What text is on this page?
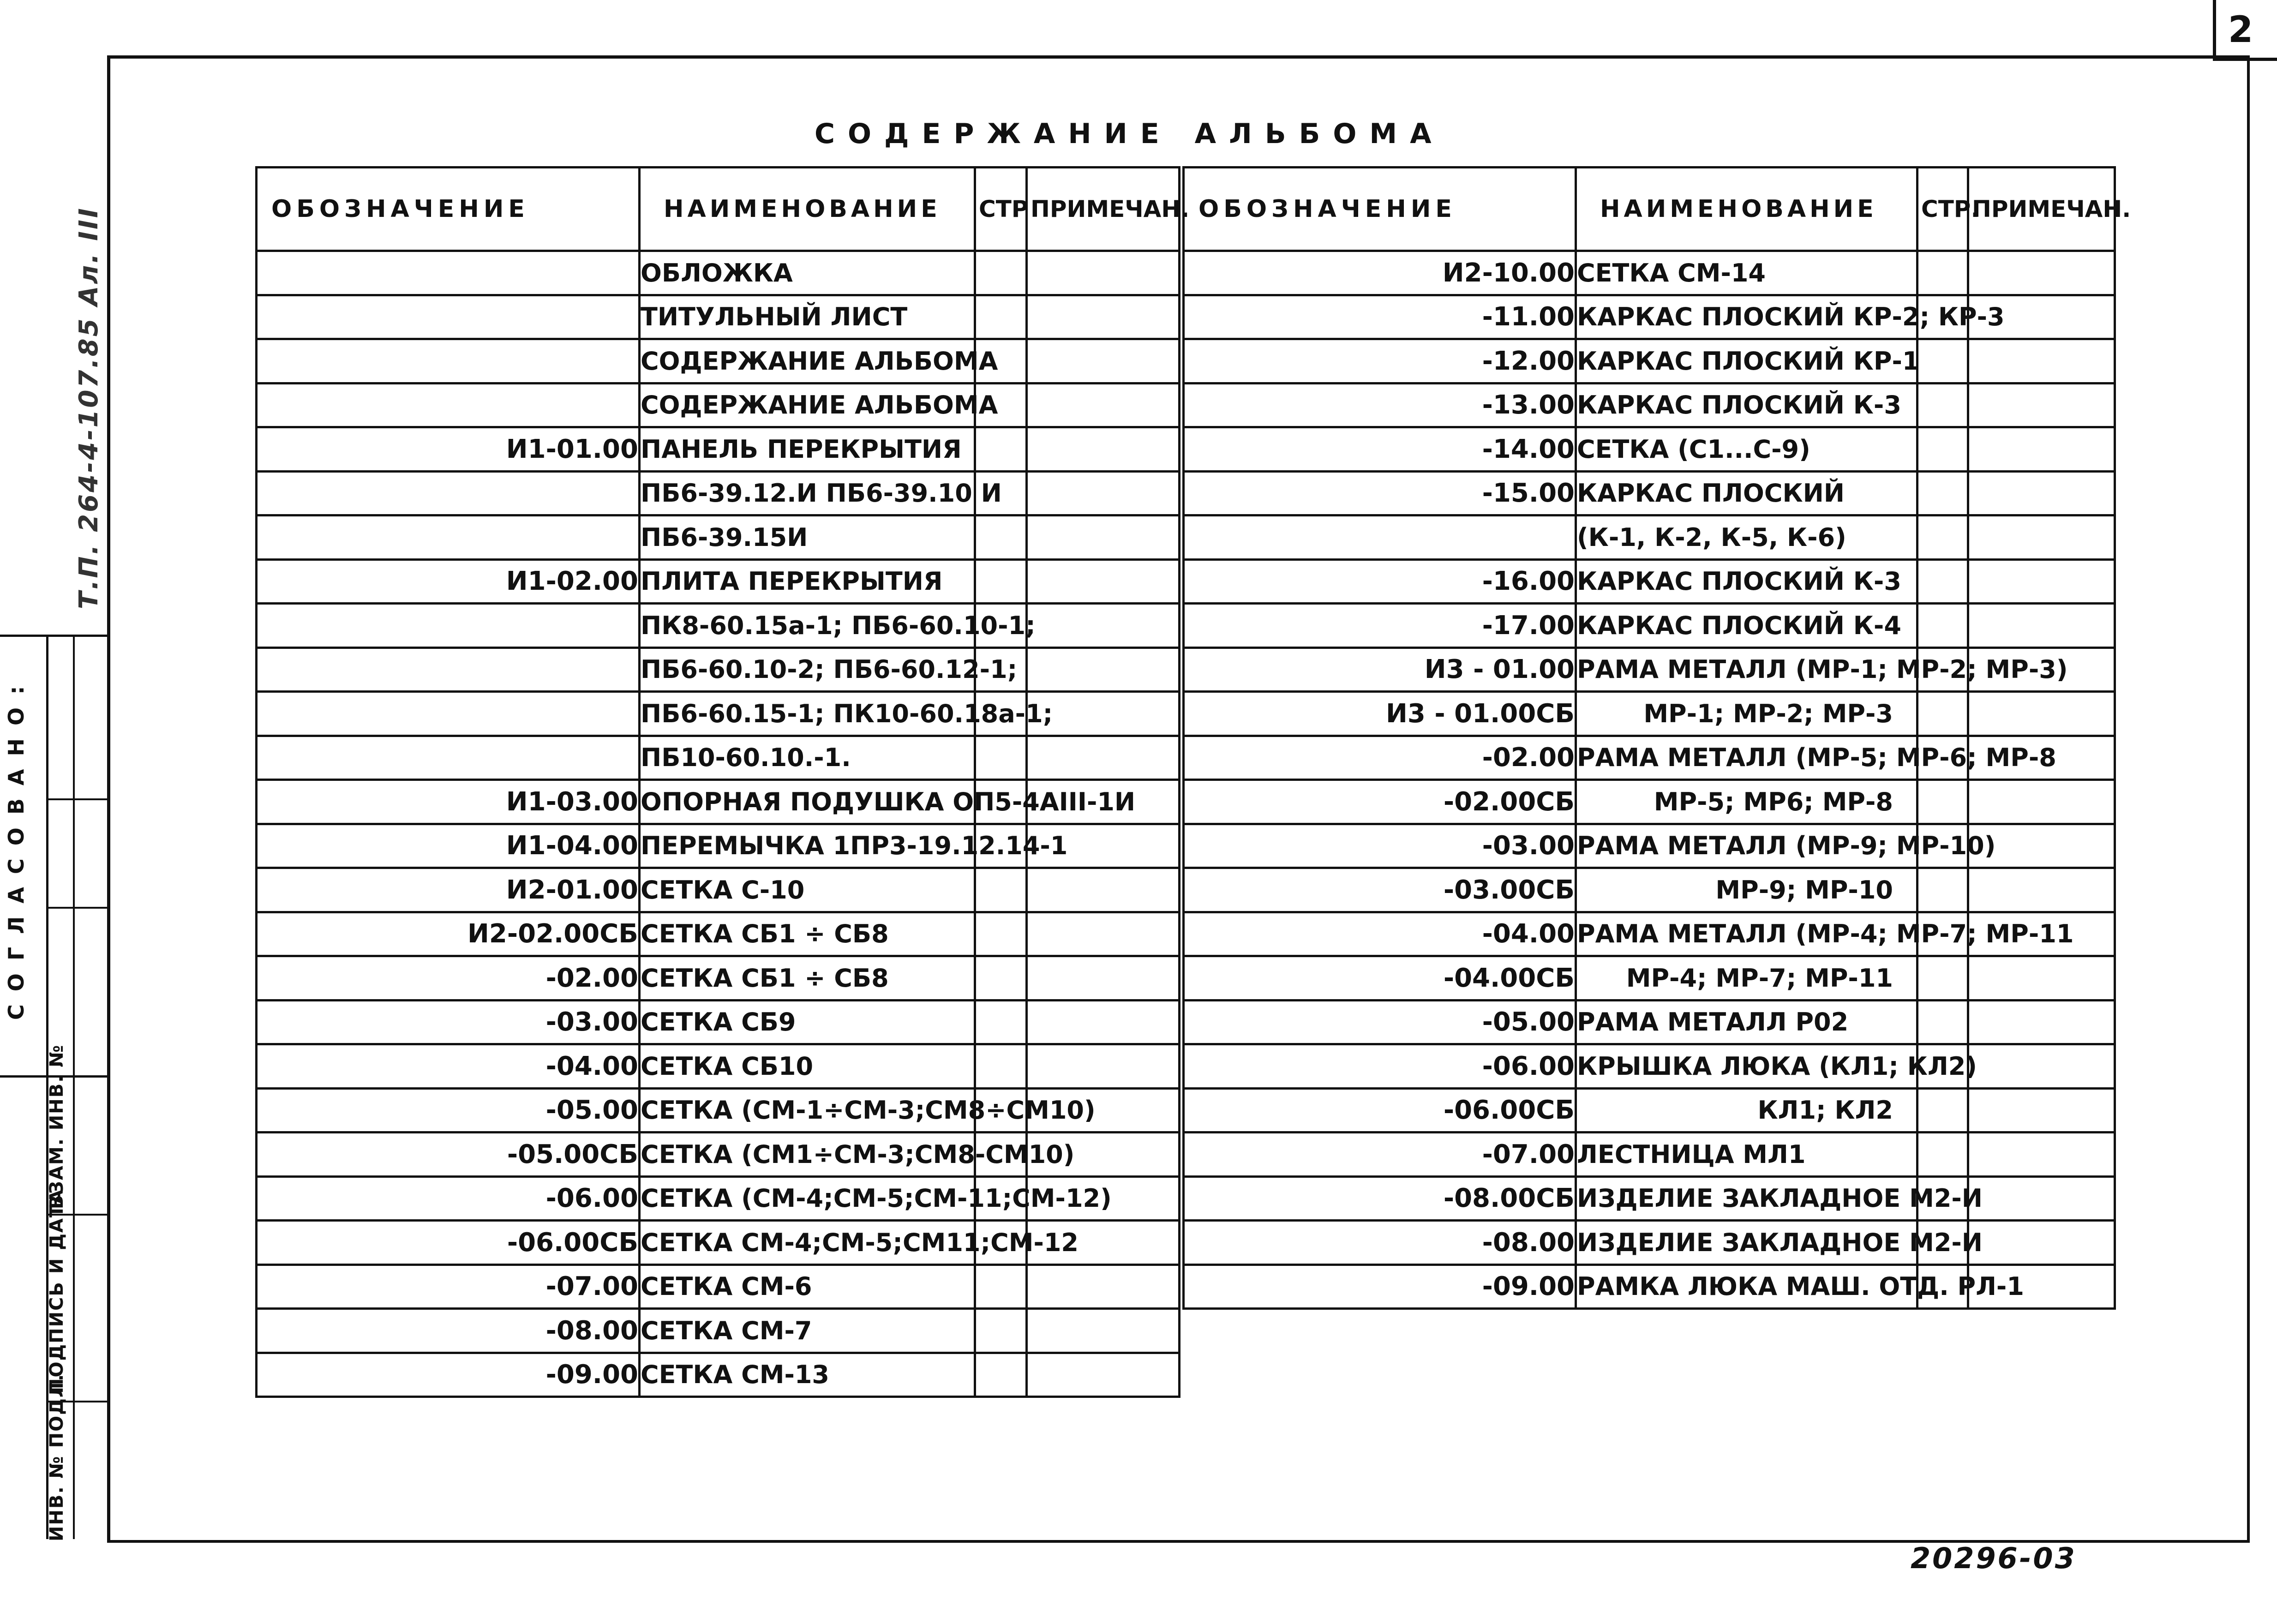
2
СОГЛАСОВАНО:
ИНВ. № ПОДЛ.
ПОДПИСЬ И ДАТА
ВЗАМ. ИНВ. №
Т.П. 264-4-107.85 Ал. III
СОДЕРЖАНИЕ АЛЬБОМА
ОБОЗНАЧЕНИЕ	НАИМЕНОВАНИЕ	СТР	ПРИМЕЧАН.
	ОБЛОЖКА		
	ТИТУЛЬНЫЙ ЛИСТ		
	СОДЕРЖАНИЕ АЛЬБОМА		
	СОДЕРЖАНИЕ АЛЬБОМА		
И1-01.00	ПАНЕЛЬ ПЕРЕКРЫТИЯ		
	ПБ6-39.12.И ПБ6-39.10 И		
	ПБ6-39.15И		
И1-02.00	ПЛИТА ПЕРЕКРЫТИЯ		
	ПК8-60.15а-1; ПБ6-60.10-1;		
	ПБ6-60.10-2; ПБ6-60.12-1;		
	ПБ6-60.15-1; ПК10-60.18а-1;		
	ПБ10-60.10.-1.		
И1-03.00	ОПОРНАЯ ПОДУШКА ОП5-4АIII-1И		
И1-04.00	ПЕРЕМЫЧКА 1ПР3-19.12.14-1		
И2-01.00	СЕТКА С-10		
И2-02.00СБ	СЕТКА СБ1 ÷ СБ8		
-02.00	СЕТКА СБ1 ÷ СБ8		
-03.00	СЕТКА СБ9		
-04.00	СЕТКА СБ10		
-05.00	СЕТКА (СМ-1÷СМ-3;СМ8÷СМ10)		
-05.00СБ	СЕТКА (СМ1÷СМ-3;СМ8-СМ10)		
-06.00	СЕТКА (СМ-4;СМ-5;СМ-11;СМ-12)		
-06.00СБ	СЕТКА СМ-4;СМ-5;СМ11;СМ-12		
-07.00	СЕТКА СМ-6		
-08.00	СЕТКА СМ-7		
-09.00	СЕТКА СМ-13		
ОБОЗНАЧЕНИЕ	НАИМЕНОВАНИЕ	СТР.	ПРИМЕЧАН.
И2-10.00	СЕТКА СМ-14		
-11.00	КАРКАС ПЛОСКИЙ КР-2; КР-3		
-12.00	КАРКАС ПЛОСКИЙ КР-1		
-13.00	КАРКАС ПЛОСКИЙ К-3		
-14.00	СЕТКА (С1...С-9)		
-15.00	КАРКАС ПЛОСКИЙ		
	(К-1, К-2, К-5, К-6)		
-16.00	КАРКАС ПЛОСКИЙ К-3		
-17.00	КАРКАС ПЛОСКИЙ К-4		
И3 - 01.00	РАМА МЕТАЛЛ (МР-1; МР-2; МР-3)		
И3 - 01.00СБ	МР-1; МР-2; МР-3		
-02.00	РАМА МЕТАЛЛ (МР-5; МР-6; МР-8		
-02.00СБ	МР-5; МР6; МР-8		
-03.00	РАМА МЕТАЛЛ (МР-9; МР-10)		
-03.00СБ	МР-9; МР-10		
-04.00	РАМА МЕТАЛЛ (МР-4; МР-7; МР-11		
-04.00СБ	МР-4; МР-7; МР-11		
-05.00	РАМА МЕТАЛЛ Р02		
-06.00	КРЫШКА ЛЮКА (КЛ1; КЛ2)		
-06.00СБ	КЛ1; КЛ2		
-07.00	ЛЕСТНИЦА МЛ1		
-08.00СБ	ИЗДЕЛИЕ ЗАКЛАДНОЕ М2-И		
-08.00	ИЗДЕЛИЕ ЗАКЛАДНОЕ М2-И		
-09.00	РАМКА ЛЮКА МАШ. ОТД. РЛ-1		
20296-03
